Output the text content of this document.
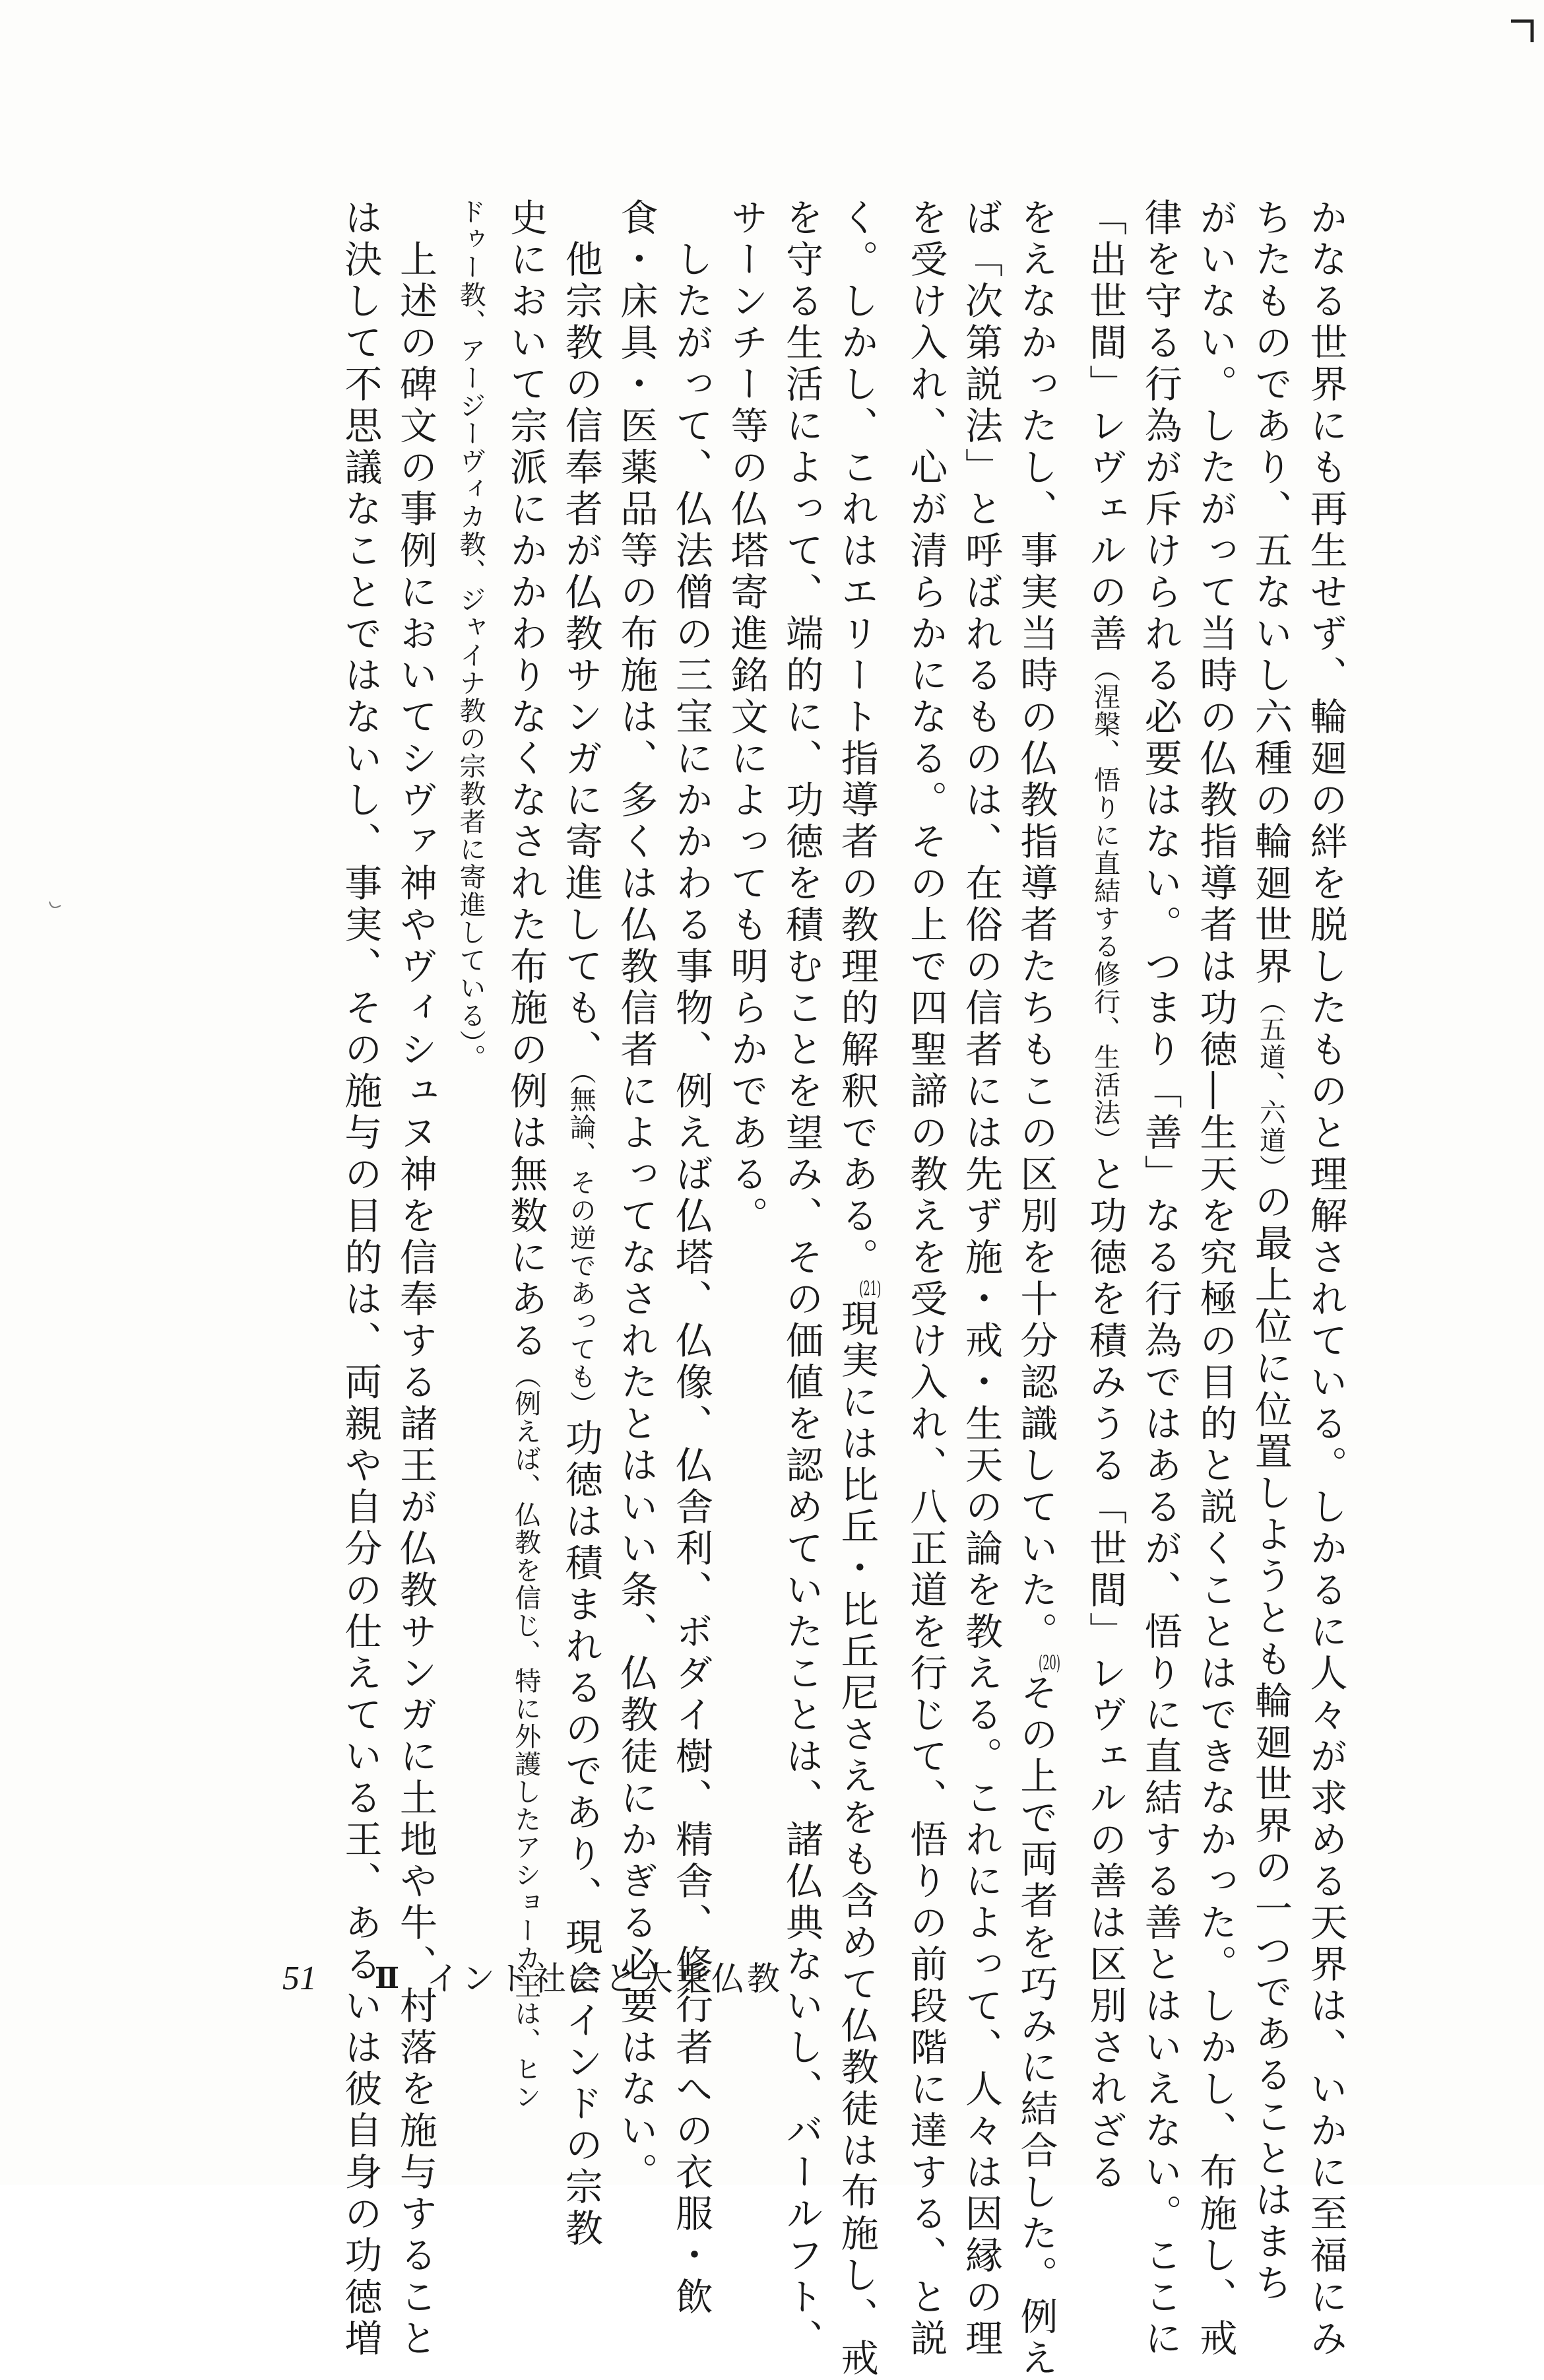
かなる世界にも再生せず、輪廻の絆を脱したものと理解されている。しかるに人々が求める天界は、いかに至福にみ
ちたものであり、五ないし六種の輪廻世界（五道、六道）の最上位に位置しようとも輪廻世界の一つであることはまち
がいない。したがって当時の仏教指導者は功徳―生天を究極の目的と説くことはできなかった。しかし、布施し、戒
律を守る行為が斥けられる必要はない。つまり「善」なる行為ではあるが、悟りに直結する善とはいえない。ここに
「出世間」レヴェルの善（涅槃、悟りに直結する修行、生活法）と功徳を積みうる「世間」レヴェルの善は区別されざる
をえなかったし、事実当時の仏教指導者たちもこの区別を十分認識していた。$^{(20)}$その上で両者を巧みに結合した。例え
ば「次第説法」と呼ばれるものは、在俗の信者には先ず施・戒・生天の論を教える。これによって、人々は因縁の理
を受け入れ、心が清らかになる。その上で四聖諦の教えを受け入れ、八正道を行じて、悟りの前段階に達する、と説
く。しかし、これはエリート指導者の教理的解釈である。$^{(21)}$現実には比丘・比丘尼さえをも含めて仏教徒は布施し、戒
を守る生活によって、端的に、功徳を積むことを望み、その価値を認めていたことは、諸仏典ないし、バールフト、
サーンチー等の仏塔寄進銘文によっても明らかである。
　したがって、仏法僧の三宝にかかわる事物、例えば仏塔、仏像、仏舎利、ボダイ樹、精舎、修行者への衣服・飲
食・床具・医薬品等の布施は、多くは仏教信者によってなされたとはいい条、仏教徒にかぎる必要はない。
　他宗教の信奉者が仏教サンガに寄進しても、（無論、その逆であっても）功徳は積まれるのであり、現にインドの宗教
史において宗派にかかわりなくなされた布施の例は無数にある（例えば、仏教を信じ、特に外護したアショーカ王は、ヒン
ドゥー教、アージーヴィカ教、ジャイナ教の宗教者に寄進している）。
　上述の碑文の事例においてシヴァ神やヴィシュヌ神を信奉する諸王が仏教サンガに土地や牛、村落を施与すること
は決して不思議なことではないし、事実、その施与の目的は、両親や自分の仕えている王、あるいは彼自身の功徳増
51 Ⅱ インド社会と大乗仏教
